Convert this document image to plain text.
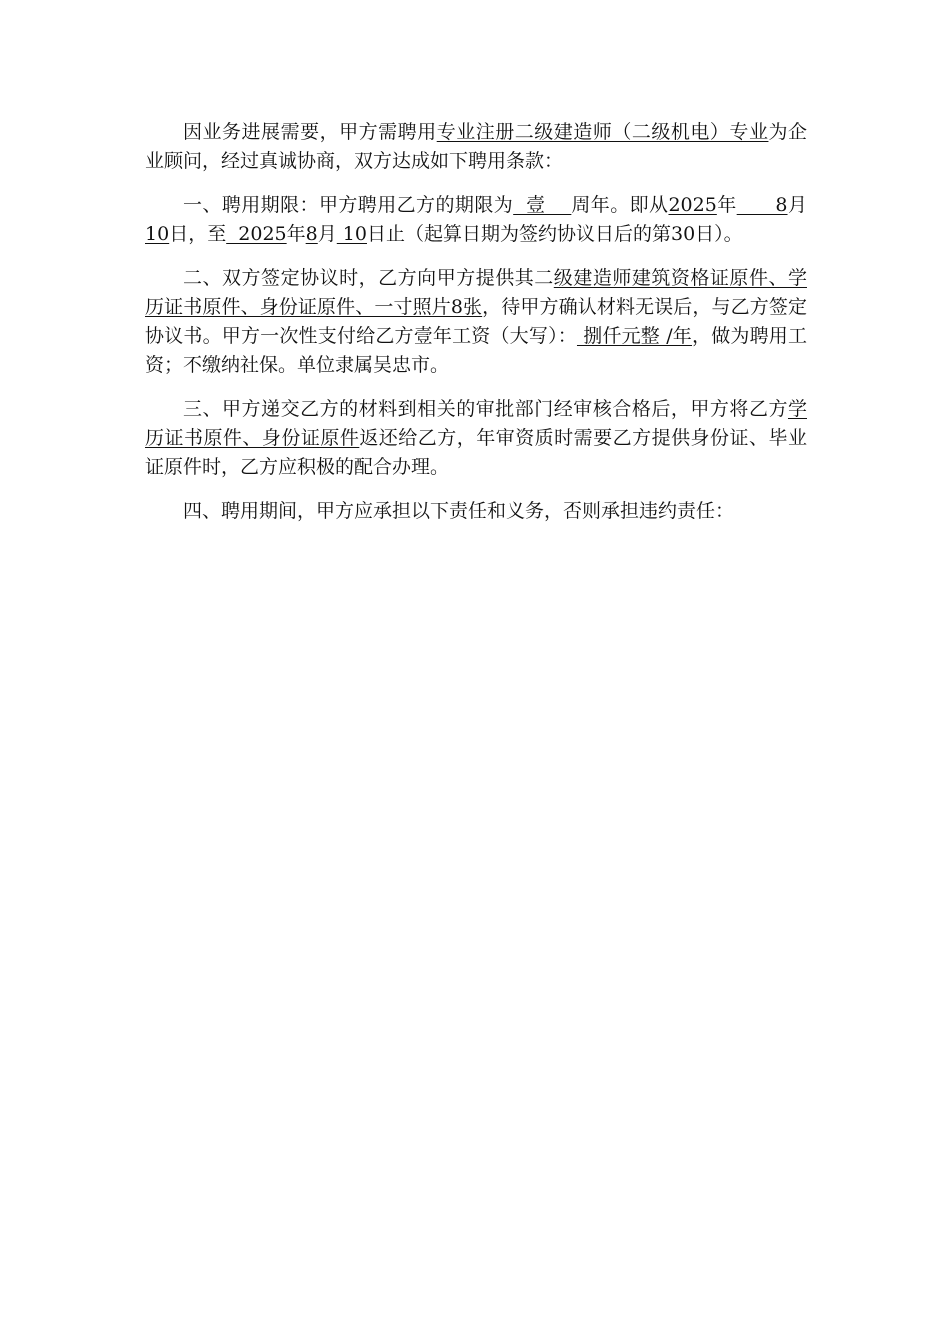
因业务进展需要，甲方需聘用专业注册二级建造师（二级机电）专业为企业顾问，经过真诚协商，双方达成如下聘用条款：

一、聘用期限：甲方聘用乙方的期限为  壹    周年。即从2025年      8月10日，至  2025年8月 10日止（起算日期为签约协议日后的第30日）。

二、双方签定协议时，乙方向甲方提供其二级建造师建筑资格证原件、学历证书原件、身份证原件、一寸照片8张，待甲方确认材料无误后，与乙方签定协议书。甲方一次性支付给乙方壹年工资（大写）： 捌仟元整 /年，做为聘用工资；不缴纳社保。单位隶属吴忠市。

三、甲方递交乙方的材料到相关的审批部门经审核合格后，甲方将乙方学历证书原件、身份证原件返还给乙方，年审资质时需要乙方提供身份证、毕业证原件时，乙方应积极的配合办理。

四、聘用期间，甲方应承担以下责任和义务，否则承担违约责任：
